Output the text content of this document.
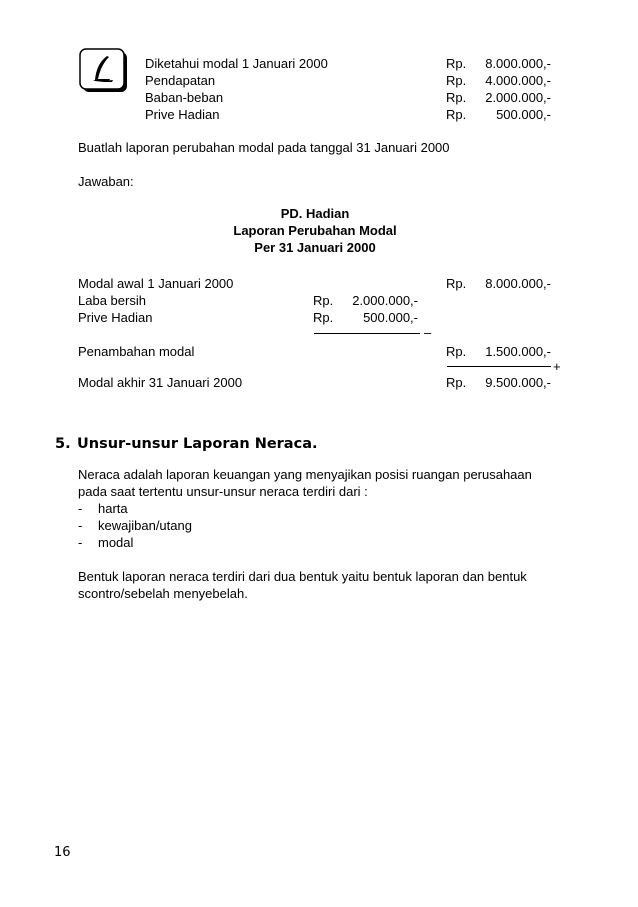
Diketahui modal 1 Januari 2000	Rp.	8.000.000,-
Pendapatan	Rp.	4.000.000,-
Baban-beban	Rp.	2.000.000,-
Prive Hadian	Rp.	500.000,-
Buatlah laporan perubahan modal pada tanggal 31 Januari 2000
Jawaban:
PD. Hadian
Laporan Perubahan Modal
Per 31 Januari 2000
Modal awal 1 Januari 2000	Rp.	8.000.000,-
Laba bersih	Rp.	2.000.000,-
Prive Hadian	Rp.	500.000,-
–
Penambahan modal	Rp.	1.500.000,-
+
Modal akhir 31 Januari 2000	Rp.	9.500.000,-
5. Unsur-unsur Laporan Neraca.
Neraca adalah laporan keuangan yang menyajikan posisi ruangan perusahaan
pada saat tertentu unsur-unsur neraca terdiri dari :
- harta
- kewajiban/utang
- modal
Bentuk laporan neraca terdiri dari dua bentuk yaitu bentuk laporan dan bentuk
scontro/sebelah menyebelah.
16
